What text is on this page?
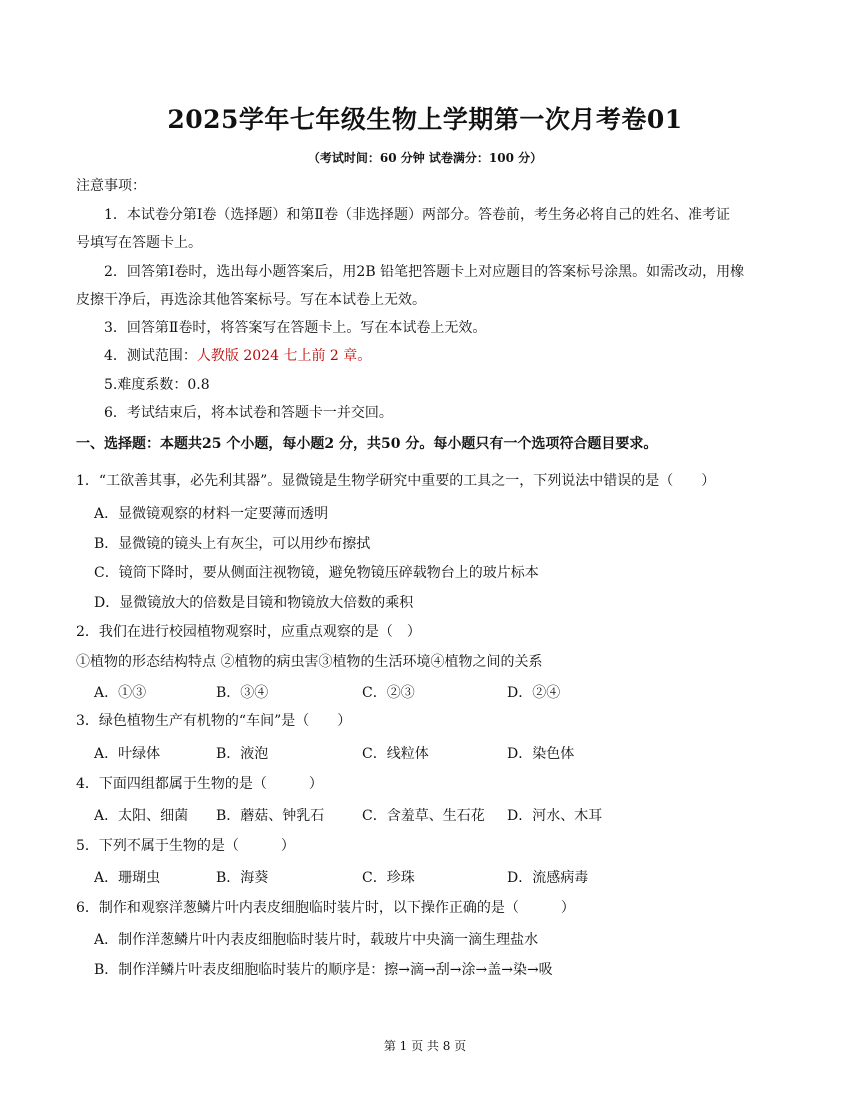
2025学年七年级生物上学期第一次月考卷01
（考试时间：60 分钟 试卷满分：100 分）
注意事项：
1．本试卷分第Ⅰ卷（选择题）和第Ⅱ卷（非选择题）两部分。答卷前，考生务必将自己的姓名、准考证
号填写在答题卡上。
2．回答第Ⅰ卷时，选出每小题答案后，用2B 铅笔把答题卡上对应题目的答案标号涂黑。如需改动，用橡
皮擦干净后，再选涂其他答案标号。写在本试卷上无效。
3．回答第Ⅱ卷时，将答案写在答题卡上。写在本试卷上无效。
4．测试范围：人教版 2024 七上前 2 章。
5.难度系数：0.8
6．考试结束后，将本试卷和答题卡一并交回。
一、选择题：本题共25 个小题，每小题2 分，共50 分。每小题只有一个选项符合题目要求。
1．“工欲善其事，必先利其器”。显微镜是生物学研究中重要的工具之一，下列说法中错误的是（　　）
A．显微镜观察的材料一定要薄而透明
B．显微镜的镜头上有灰尘，可以用纱布擦拭
C．镜筒下降时，要从侧面注视物镜，避免物镜压碎载物台上的玻片标本
D．显微镜放大的倍数是目镜和物镜放大倍数的乘积
2．我们在进行校园植物观察时，应重点观察的是（　）
①植物的形态结构特点 ②植物的病虫害③植物的生活环境④植物之间的关系
A．①③	B．③④	C．②③	D．②④
3．绿色植物生产有机物的“车间”是（　　）
A．叶绿体	B．液泡	C．线粒体	D．染色体
4．下面四组都属于生物的是（　　　）
A．太阳、细菌 B．蘑菇、钟乳石	C．含羞草、生石花 D．河水、木耳
5．下列不属于生物的是（　　　）
A．珊瑚虫	B．海葵	C．珍珠	D．流感病毒
6．制作和观察洋葱鳞片叶内表皮细胞临时装片时，以下操作正确的是（　　　）
A．制作洋葱鳞片叶内表皮细胞临时装片时，载玻片中央滴一滴生理盐水
B．制作洋鳞片叶表皮细胞临时装片的顺序是：擦→滴→刮→涂→盖→染→吸
第 1 页 共 8 页
